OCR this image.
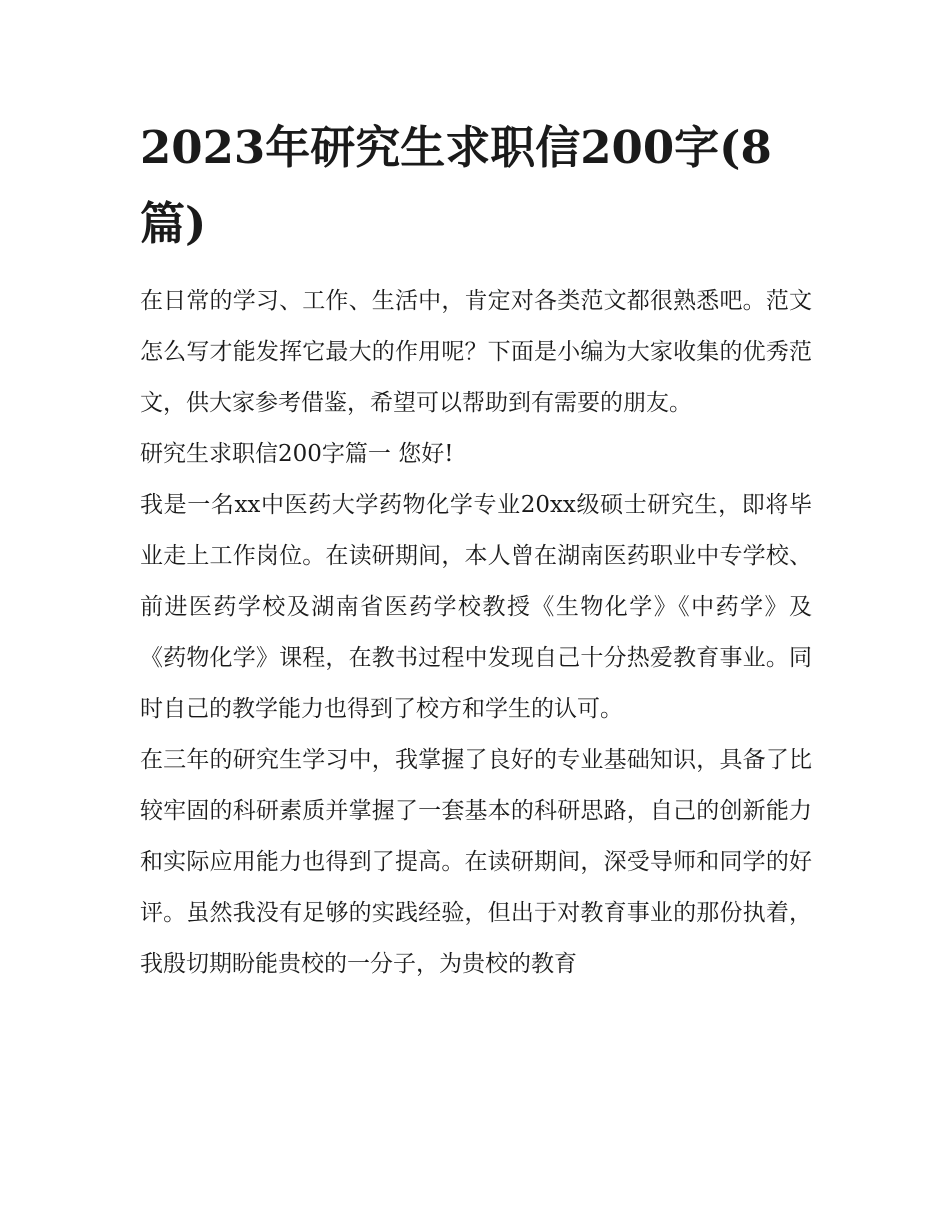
2023年研究生求职信200字(8篇)

在日常的学习、工作、生活中，肯定对各类范文都很熟悉吧。范文怎么写才能发挥它最大的作用呢？下面是小编为大家收集的优秀范文，供大家参考借鉴，希望可以帮助到有需要的朋友。

研究生求职信200字篇一 您好!

我是一名xx中医药大学药物化学专业20xx级硕士研究生，即将毕业走上工作岗位。在读研期间，本人曾在湖南医药职业中专学校、前进医药学校及湖南省医药学校教授《生物化学》《中药学》及《药物化学》课程，在教书过程中发现自己十分热爱教育事业。同时自己的教学能力也得到了校方和学生的认可。

在三年的研究生学习中，我掌握了良好的专业基础知识，具备了比较牢固的科研素质并掌握了一套基本的科研思路，自己的创新能力和实际应用能力也得到了提高。在读研期间，深受导师和同学的好评。虽然我没有足够的实践经验，但出于对教育事业的那份执着，我殷切期盼能贵校的一分子，为贵校的教育
